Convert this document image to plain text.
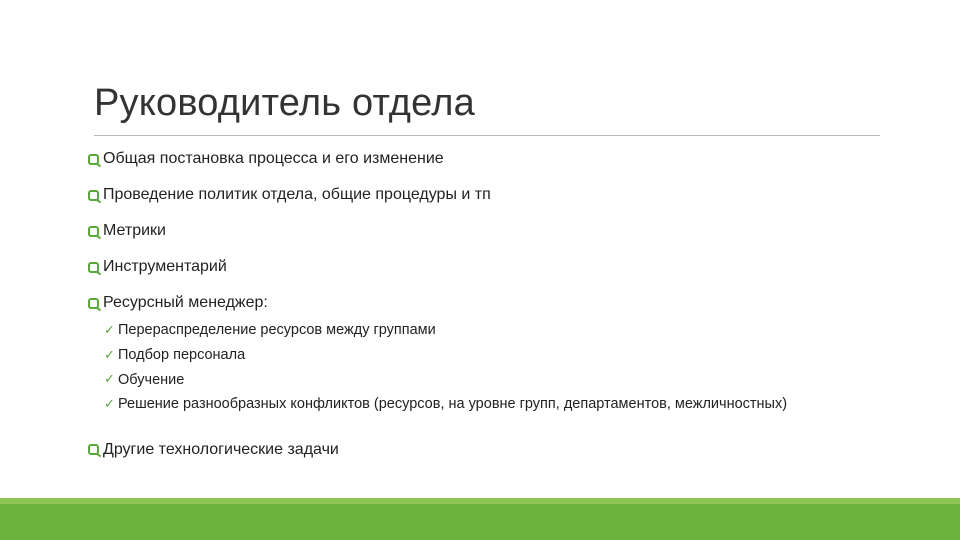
Руководитель отдела
Общая постановка процесса и его изменение
Проведение политик отдела, общие процедуры и тп
Метрики
Инструментарий
Ресурсный менеджер:
✓ Перераспределение ресурсов между группами
✓ Подбор персонала
✓ Обучение
✓ Решение разнообразных конфликтов (ресурсов, на уровне групп, департаментов, межличностных)
Другие технологические задачи
